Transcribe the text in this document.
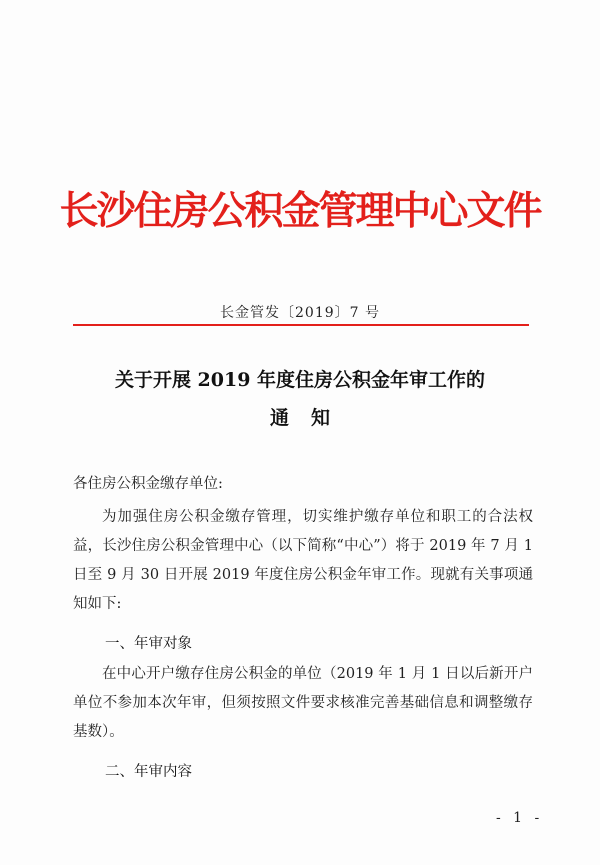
长沙住房公积金管理中心文件
长金管发〔2019〕7 号
关于开展 2019 年度住房公积金年审工作的
通知
各住房公积金缴存单位:
为加强住房公积金缴存管理，切实维护缴存单位和职工的合法权益，长沙住房公积金管理中心（以下简称“中心”）将于 2019 年 7 月 1 日至 9 月 30 日开展 2019 年度住房公积金年审工作。现就有关事项通知如下:
一、年审对象
在中心开户缴存住房公积金的单位（2019 年 1 月 1 日以后新开户单位不参加本次年审，但须按照文件要求核准完善基础信息和调整缴存基数）。
二、年审内容
- 1 -
